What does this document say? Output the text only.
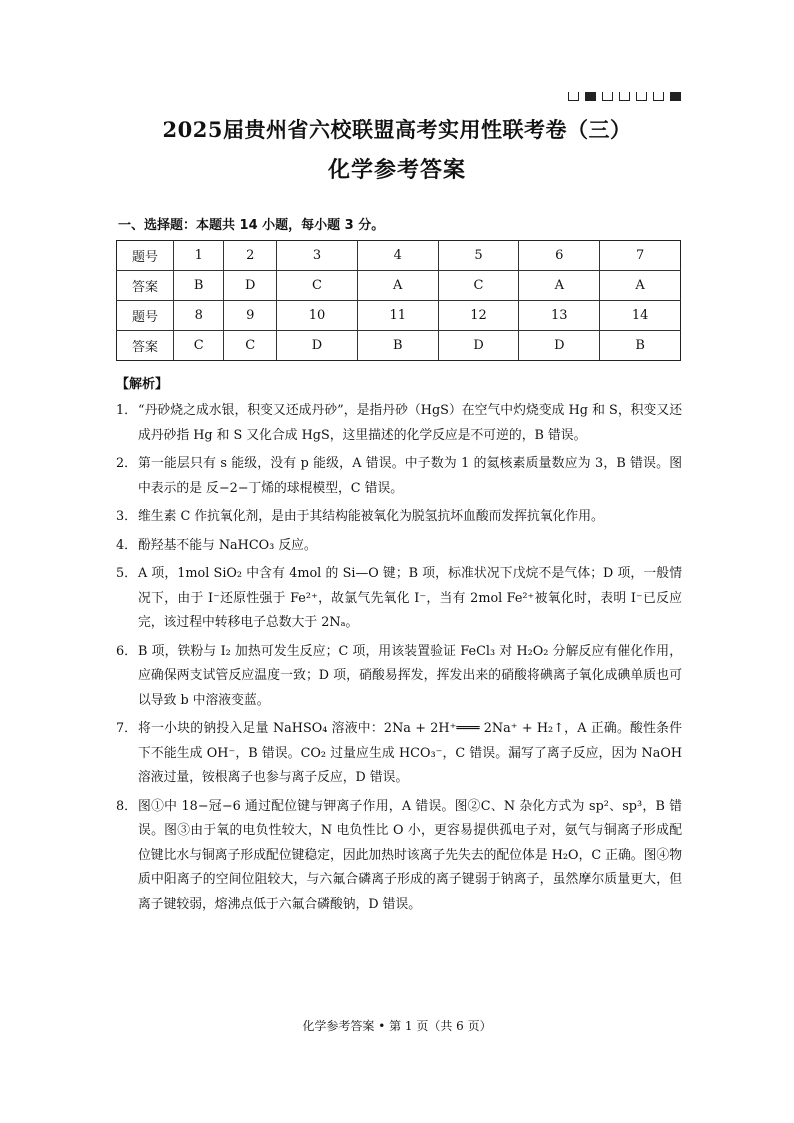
2025届贵州省六校联盟高考实用性联考卷（三）
化学参考答案
一、选择题：本题共 14 小题，每小题 3 分。
题号	1	2	3	4	5	6	7
答案	B	D	C	A	C	A	A
题号	8	9	10	11	12	13	14
答案	C	C	D	B	D	D	B
【解析】
1． “丹砂烧之成水银，积变又还成丹砂”，是指丹砂（HgS）在空气中灼烧变成 Hg 和 S，积变又还成丹砂指 Hg 和 S 又化合成 HgS，这里描述的化学反应是不可逆的，B 错误。
2． 第一能层只有 s 能级，没有 p 能级，A 错误。中子数为 1 的氦核素质量数应为 3，B 错误。图中表示的是 反−2−丁烯的球棍模型，C 错误。
3． 维生素 C 作抗氧化剂，是由于其结构能被氧化为脱氢抗坏血酸而发挥抗氧化作用。
4． 酚羟基不能与 NaHCO₃ 反应。
5． A 项，1mol SiO₂ 中含有 4mol 的 Si—O 键；B 项，标准状况下戊烷不是气体；D 项，一般情况下，由于 I⁻还原性强于 Fe²⁺，故氯气先氧化 I⁻，当有 2mol Fe²⁺被氧化时，表明 I⁻已反应完，该过程中转移电子总数大于 2Nₐ。
6． B 项，铁粉与 I₂ 加热可发生反应；C 项，用该装置验证 FeCl₃ 对 H₂O₂ 分解反应有催化作用，应确保两支试管反应温度一致；D 项，硝酸易挥发，挥发出来的硝酸将碘离子氧化成碘单质也可以导致 b 中溶液变蓝。
7． 将一小块的钠投入足量 NaHSO₄ 溶液中：2Na + 2H⁺═══ 2Na⁺ + H₂↑，A 正确。酸性条件下不能生成 OH⁻，B 错误。CO₂ 过量应生成 HCO₃⁻，C 错误。漏写了离子反应，因为 NaOH 溶液过量，铵根离子也参与离子反应，D 错误。
8． 图①中 18−冠−6 通过配位键与钾离子作用，A 错误。图②C、N 杂化方式为 sp²、sp³，B 错误。图③由于氧的电负性较大，N 电负性比 O 小，更容易提供孤电子对，氨气与铜离子形成配位键比水与铜离子形成配位键稳定，因此加热时该离子先失去的配位体是 H₂O，C 正确。图④物质中阳离子的空间位阻较大，与六氟合磷离子形成的离子键弱于钠离子，虽然摩尔质量更大，但离子键较弱，熔沸点低于六氟合磷酸钠，D 错误。
化学参考答案 • 第 1 页（共 6 页）
